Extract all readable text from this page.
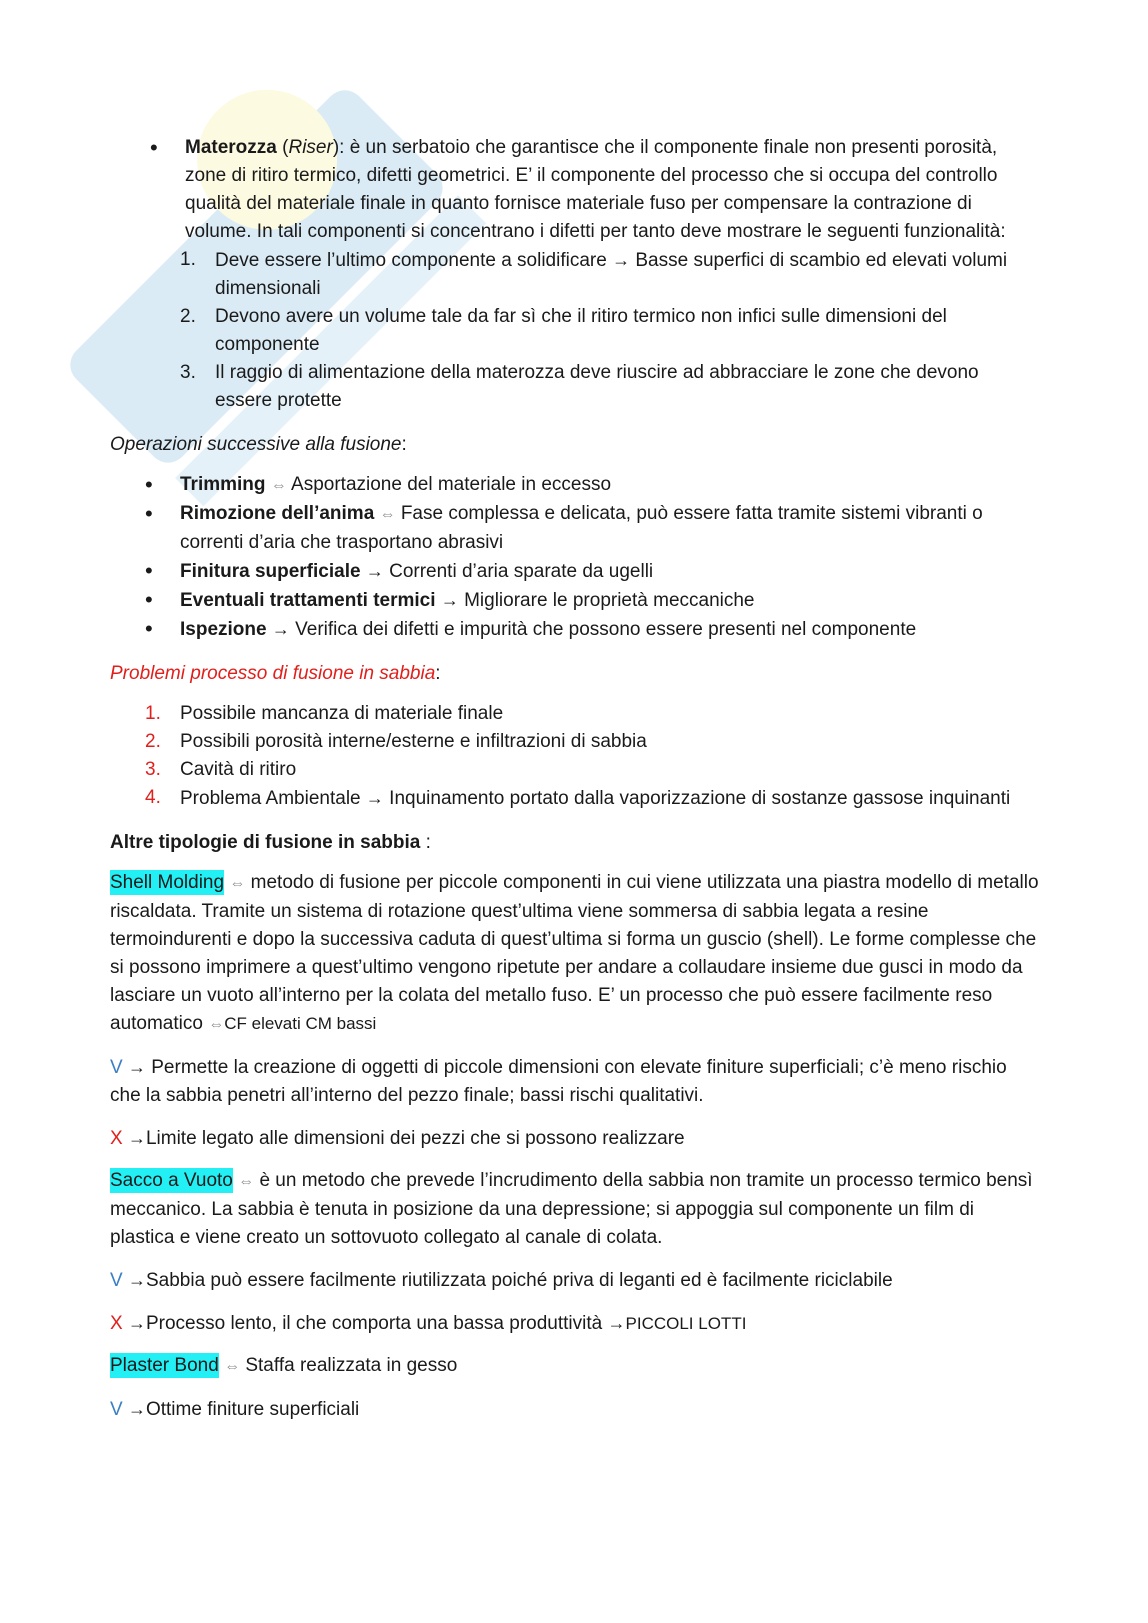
• Materozza (Riser): è un serbatoio che garantisce che il componente finale non presenti porosità, zone di ritiro termico, difetti geometrici. E’ il componente del processo che si occupa del controllo qualità del materiale finale in quanto fornisce materiale fuso per compensare la contrazione di volume. In tali componenti si concentrano i difetti per tanto deve mostrare le seguenti funzionalità:
1.	Deve essere l’ultimo componente a solidificare → Basse superfici di scambio ed elevati volumi dimensionali
2.	Devono avere un volume tale da far sì che il ritiro termico non infici sulle dimensioni del componente
3.	Il raggio di alimentazione della materozza deve riuscire ad abbracciare le zone che devono essere protette
Operazioni successive alla fusione:
• Trimming ⇔ Asportazione del materiale in eccesso
• Rimozione dell’anima ⇔ Fase complessa e delicata, può essere fatta tramite sistemi vibranti o correnti d’aria che trasportano abrasivi
• Finitura superficiale → Correnti d’aria sparate da ugelli
• Eventuali trattamenti termici → Migliorare le proprietà meccaniche
• Ispezione → Verifica dei difetti e impurità che possono essere presenti nel componente
Problemi processo di fusione in sabbia:
1.	Possibile mancanza di materiale finale
2.	Possibili porosità interne/esterne e infiltrazioni di sabbia
3.	Cavità di ritiro
4.	Problema Ambientale → Inquinamento portato dalla vaporizzazione di sostanze gassose inquinanti
Altre tipologie di fusione in sabbia :

Shell Molding ⇔ metodo di fusione per piccole componenti in cui viene utilizzata una piastra modello di metallo riscaldata. Tramite un sistema di rotazione quest’ultima viene sommersa di sabbia legata a resine termoindurenti e dopo la successiva caduta di quest’ultima si forma un guscio (shell). Le forme complesse che si possono imprimere a quest’ultimo vengono ripetute per andare a collaudare insieme due gusci in modo da lasciare un vuoto all’interno per la colata del metallo fuso. E’ un processo che può essere facilmente reso automatico ⇔CF elevati CM bassi

V → Permette la creazione di oggetti di piccole dimensioni con elevate finiture superficiali; c’è meno rischio che la sabbia penetri all’interno del pezzo finale; bassi rischi qualitativi.

X →Limite legato alle dimensioni dei pezzi che si possono realizzare

Sacco a Vuoto ⇔ è un metodo che prevede l’incrudimento della sabbia non tramite un processo termico bensì meccanico. La sabbia è tenuta in posizione da una depressione; si appoggia sul componente un film di plastica e viene creato un sottovuoto collegato al canale di colata.

V →Sabbia può essere facilmente riutilizzata poiché priva di leganti ed è facilmente riciclabile

X →Processo lento, il che comporta una bassa produttività →PICCOLI LOTTI

Plaster Bond ⇔ Staffa realizzata in gesso

V →Ottime finiture superficiali
